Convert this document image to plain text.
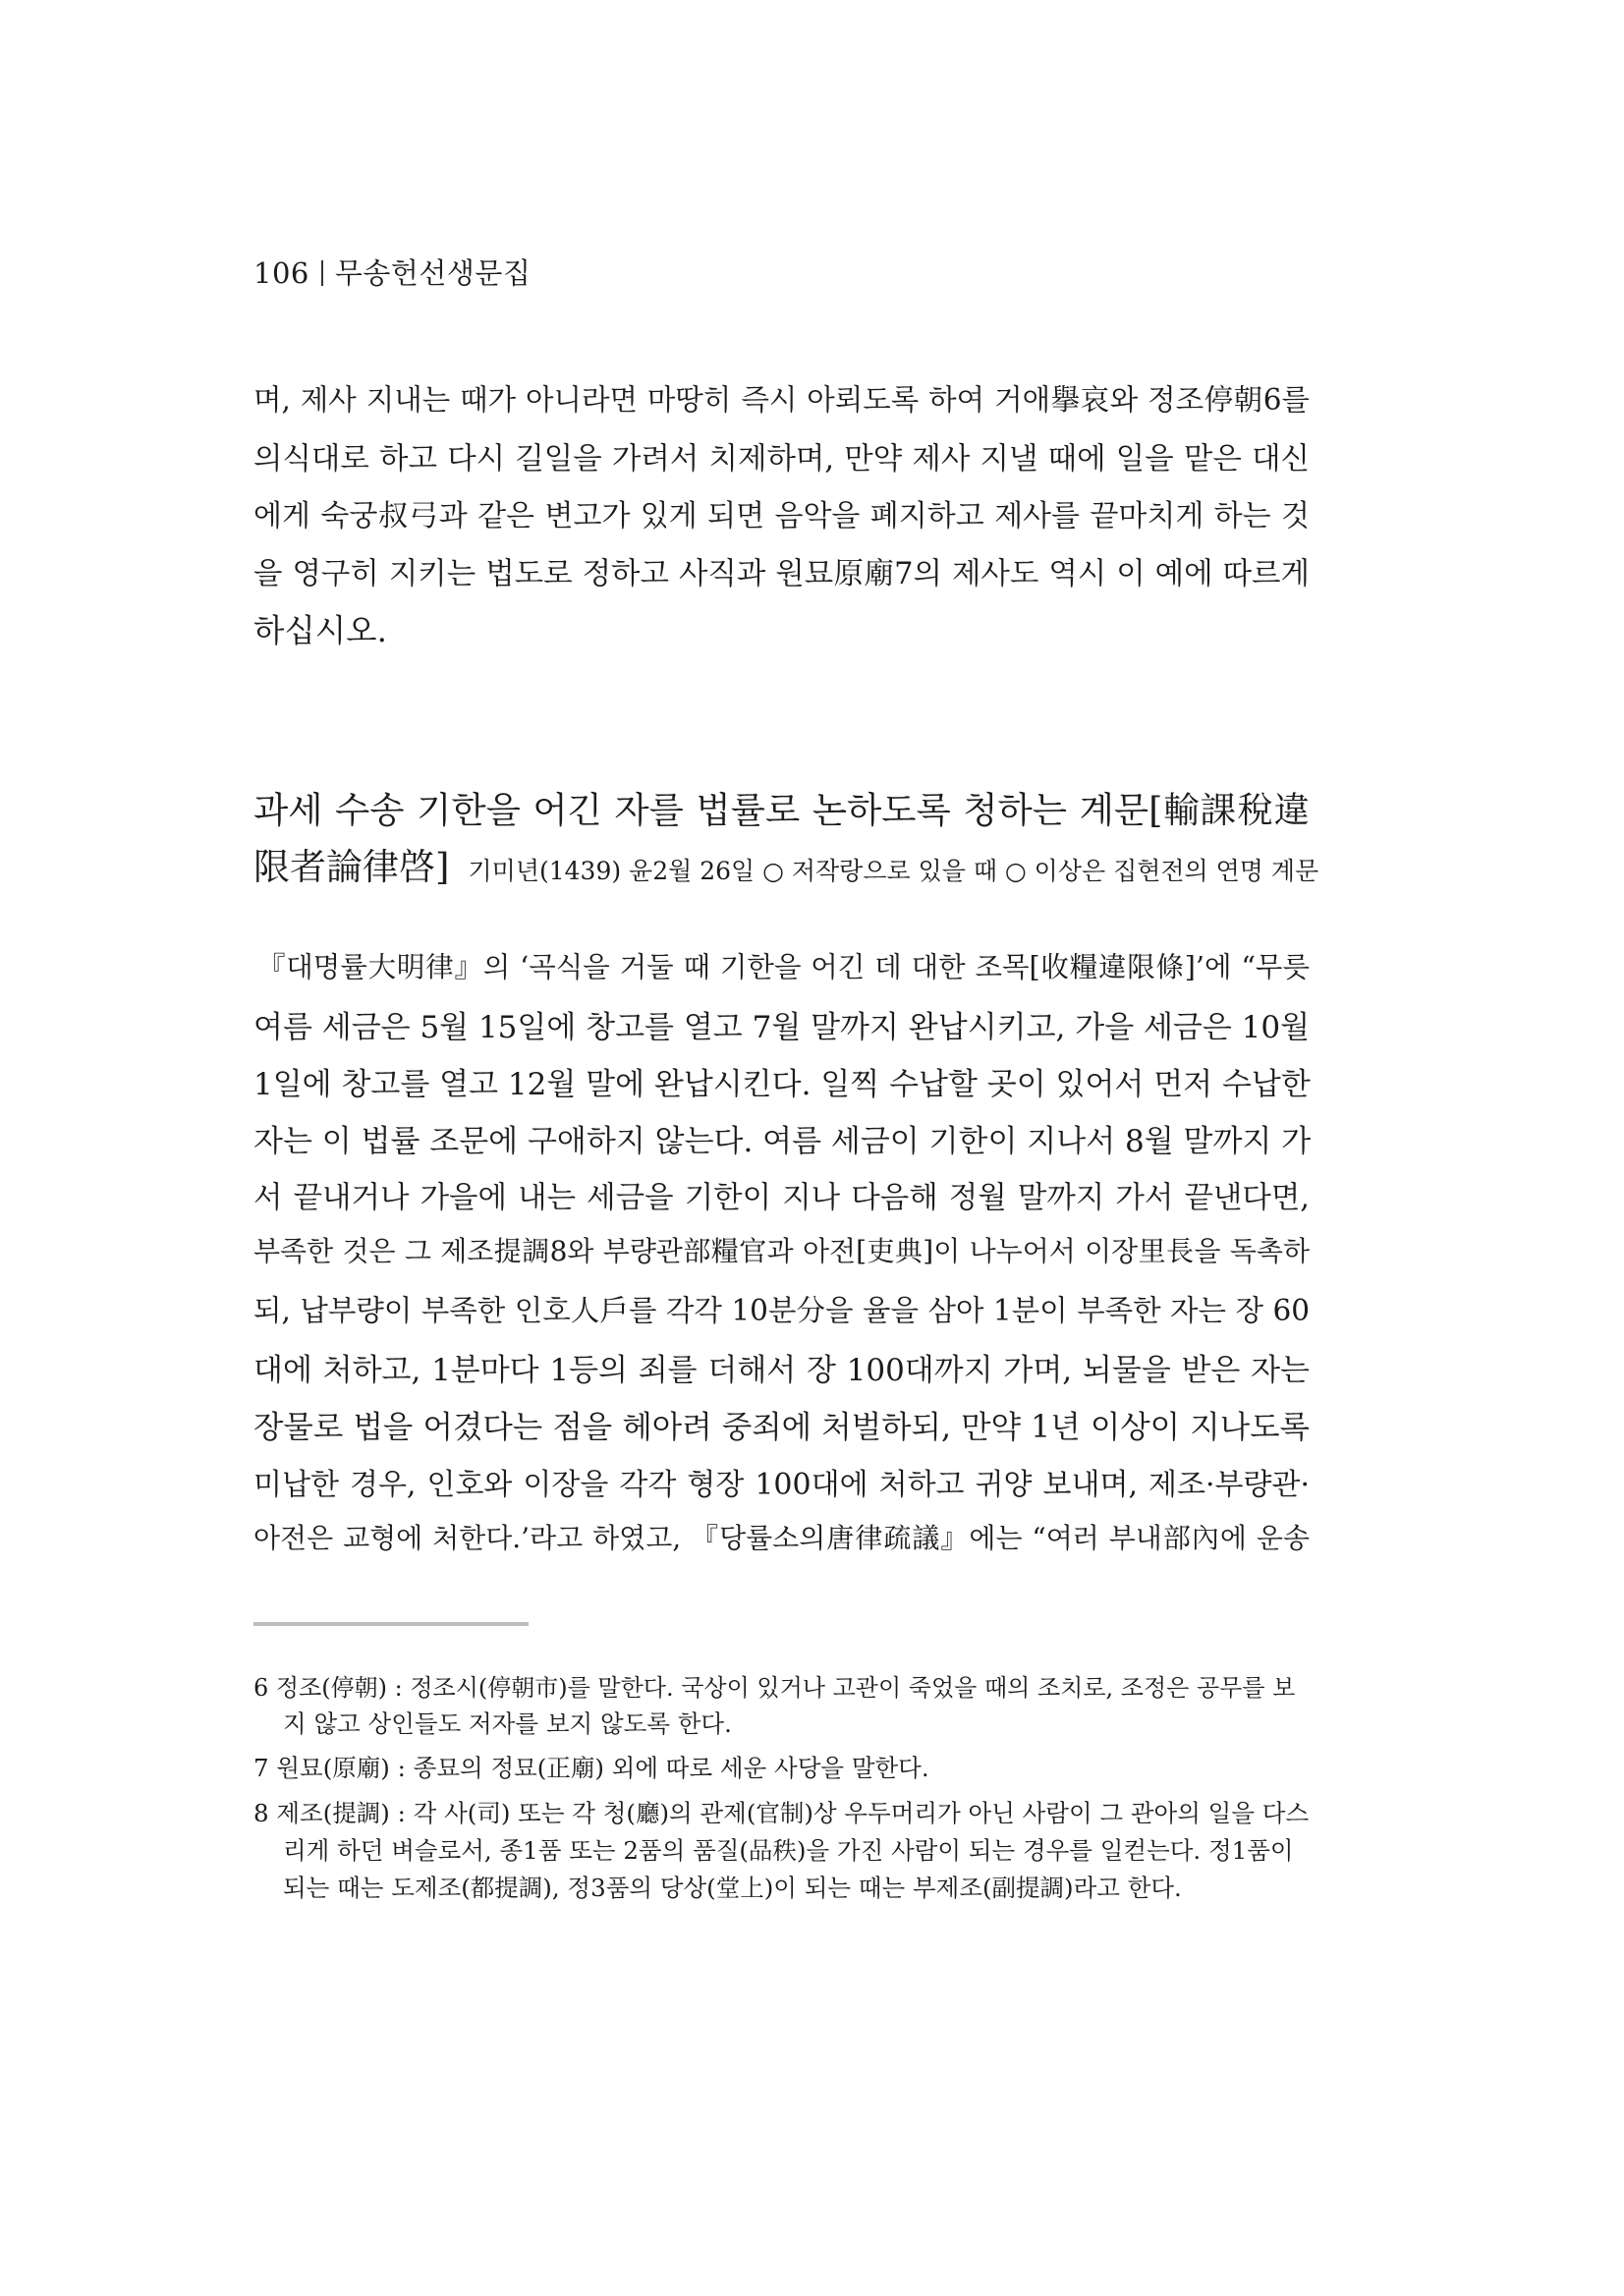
106 무송헌선생문집
며, 제사 지내는 때가 아니라면 마땅히 즉시 아뢰도록 하여 거애擧哀와 정조停朝6를
의식대로 하고 다시 길일을 가려서 치제하며, 만약 제사 지낼 때에 일을 맡은 대신
에게 숙궁叔弓과 같은 변고가 있게 되면 음악을 폐지하고 제사를 끝마치게 하는 것
을 영구히 지키는 법도로 정하고 사직과 원묘原廟7의 제사도 역시 이 예에 따르게
하십시오.
과세 수송 기한을 어긴 자를 법률로 논하도록 청하는 계문[輸課稅違
限者論律啓] 기미년(1439) 윤2월 26일 ○ 저작랑으로 있을 때 ○ 이상은 집현전의 연명 계문
『대명률大明律』의 ‘곡식을 거둘 때 기한을 어긴 데 대한 조목[收糧違限條]’에 “무릇
여름 세금은 5월 15일에 창고를 열고 7월 말까지 완납시키고, 가을 세금은 10월
1일에 창고를 열고 12월 말에 완납시킨다. 일찍 수납할 곳이 있어서 먼저 수납한
자는 이 법률 조문에 구애하지 않는다. 여름 세금이 기한이 지나서 8월 말까지 가
서 끝내거나 가을에 내는 세금을 기한이 지나 다음해 정월 말까지 가서 끝낸다면,
부족한 것은 그 제조提調8와 부량관部糧官과 아전[吏典]이 나누어서 이장里長을 독촉하
되, 납부량이 부족한 인호人戶를 각각 10분分을 율을 삼아 1분이 부족한 자는 장 60
대에 처하고, 1분마다 1등의 죄를 더해서 장 100대까지 가며, 뇌물을 받은 자는
장물로 법을 어겼다는 점을 헤아려 중죄에 처벌하되, 만약 1년 이상이 지나도록
미납한 경우, 인호와 이장을 각각 형장 100대에 처하고 귀양 보내며, 제조·부량관·
아전은 교형에 처한다.’라고 하였고, 『당률소의唐律疏議』에는 “여러 부내部內에 운송
6 정조(停朝) : 정조시(停朝市)를 말한다. 국상이 있거나 고관이 죽었을 때의 조치로, 조정은 공무를 보
지 않고 상인들도 저자를 보지 않도록 한다.
7 원묘(原廟) : 종묘의 정묘(正廟) 외에 따로 세운 사당을 말한다.
8 제조(提調) : 각 사(司) 또는 각 청(廳)의 관제(官制)상 우두머리가 아닌 사람이 그 관아의 일을 다스
리게 하던 벼슬로서, 종1품 또는 2품의 품질(品秩)을 가진 사람이 되는 경우를 일컫는다. 정1품이
되는 때는 도제조(都提調), 정3품의 당상(堂上)이 되는 때는 부제조(副提調)라고 한다.
